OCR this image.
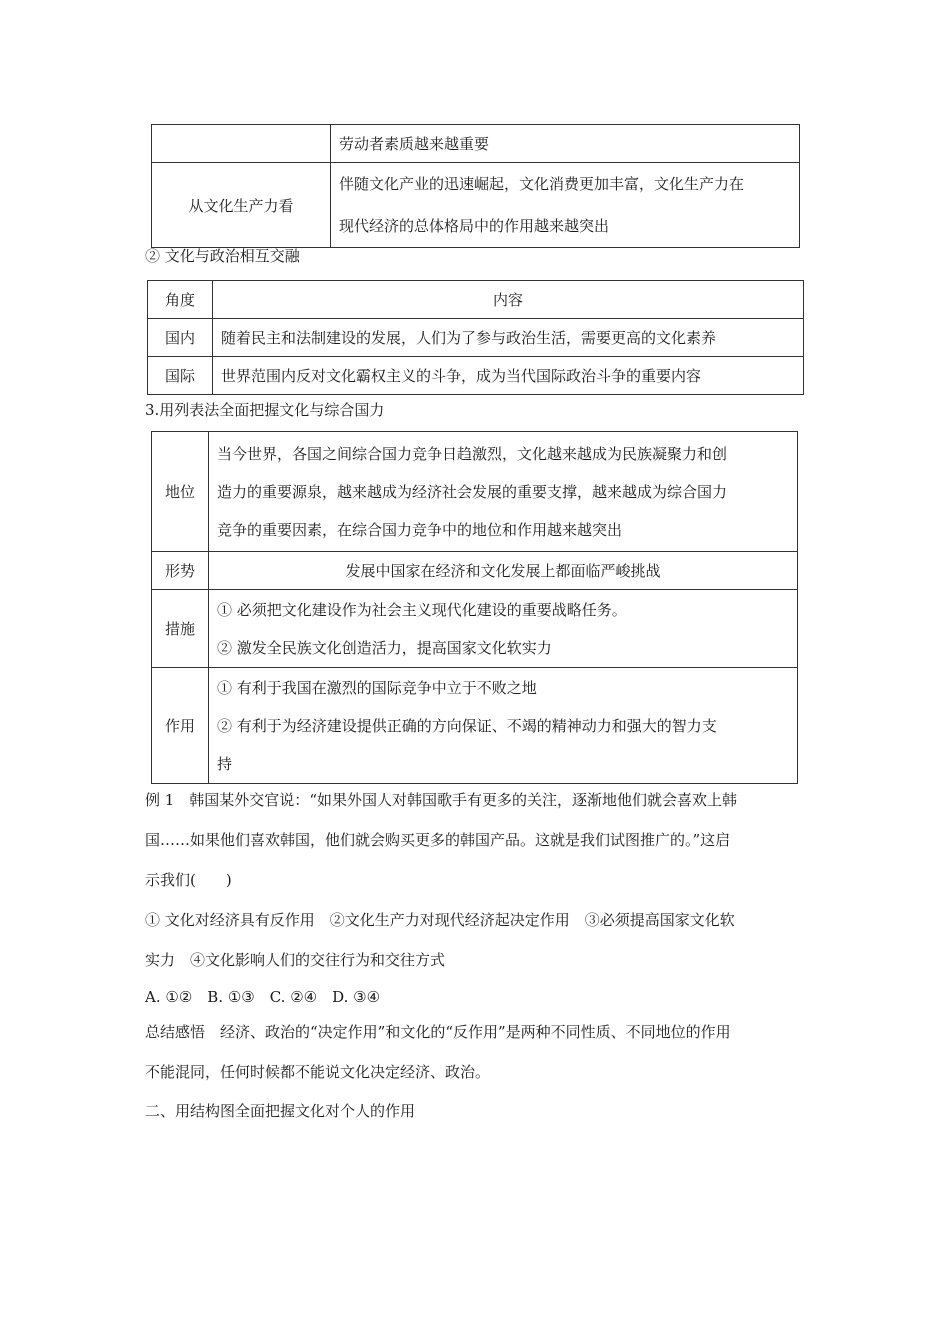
	劳动者素质越来越重要
从文化生产力看	伴随文化产业的迅速崛起，文化消费更加丰富，文化生产力在
现代经济的总体格局中的作用越来越突出
② 文化与政治相互交融
角度	内容
国内	随着民主和法制建设的发展，人们为了参与政治生活，需要更高的文化素养
国际	世界范围内反对文化霸权主义的斗争，成为当代国际政治斗争的重要内容
3.用列表法全面把握文化与综合国力
地位	当今世界，各国之间综合国力竞争日趋激烈，文化越来越成为民族凝聚力和创
造力的重要源泉，越来越成为经济社会发展的重要支撑，越来越成为综合国力
竞争的重要因素，在综合国力竞争中的地位和作用越来越突出

形势	发展中国家在经济和文化发展上都面临严峻挑战
措施	① 必须把文化建设作为社会主义现代化建设的重要战略任务。
② 激发全民族文化创造活力，提高国家文化软实力

作用	① 有利于我国在激烈的国际竞争中立于不败之地
② 有利于为经济建设提供正确的方向保证、不竭的精神动力和强大的智力支
持
例 1　韩国某外交官说：“如果外国人对韩国歌手有更多的关注，逐渐地他们就会喜欢上韩
国……如果他们喜欢韩国，他们就会购买更多的韩国产品。这就是我们试图推广的。”这启
示我们(　　)
① 文化对经济具有反作用　②文化生产力对现代经济起决定作用　③必须提高国家文化软
实力　④文化影响人们的交往行为和交往方式
A. ①②　B. ①③　C. ②④　D. ③④
总结感悟　经济、政治的“决定作用”和文化的“反作用”是两种不同性质、不同地位的作用
不能混同，任何时候都不能说文化决定经济、政治。
二、用结构图全面把握文化对个人的作用
